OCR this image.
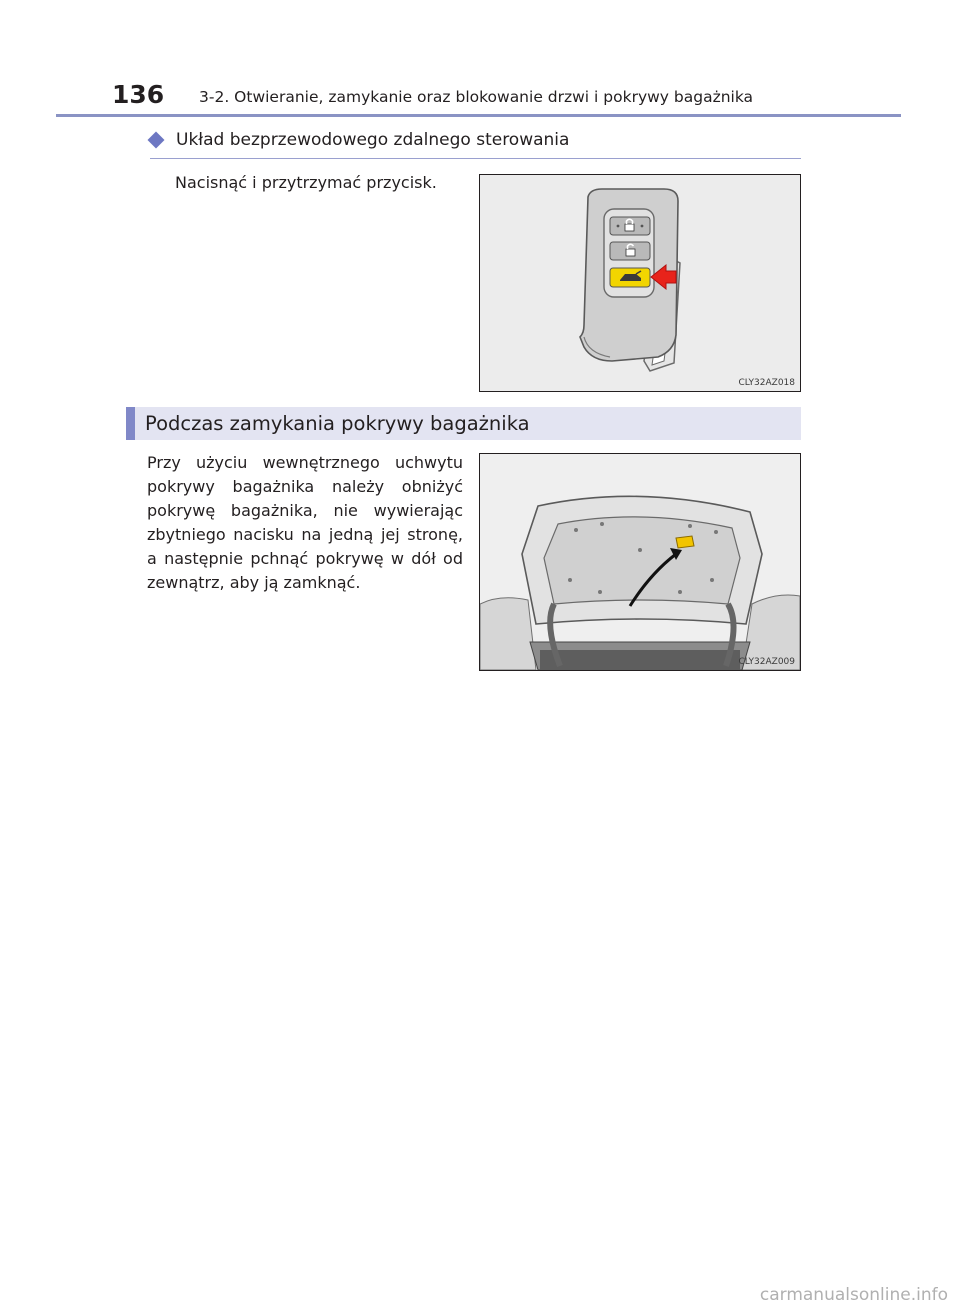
136 3-2. Otwieranie, zamykanie oraz blokowanie drzwi i pokrywy bagażnika
Układ bezprzewodowego zdalnego sterowania
Nacisnąć i przytrzymać przycisk.
CLY32AZ018
Podczas zamykania pokrywy bagażnika
Przy użyciu wewnętrznego uchwytu pokrywy bagażnika należy obniżyć pokrywę bagażnika, nie wywierając zbytniego nacisku na jedną jej stronę, a następnie pchnąć pokrywę w dół od zewnątrz, aby ją zamknąć.
CLY32AZ009
carmanualsonline.info
